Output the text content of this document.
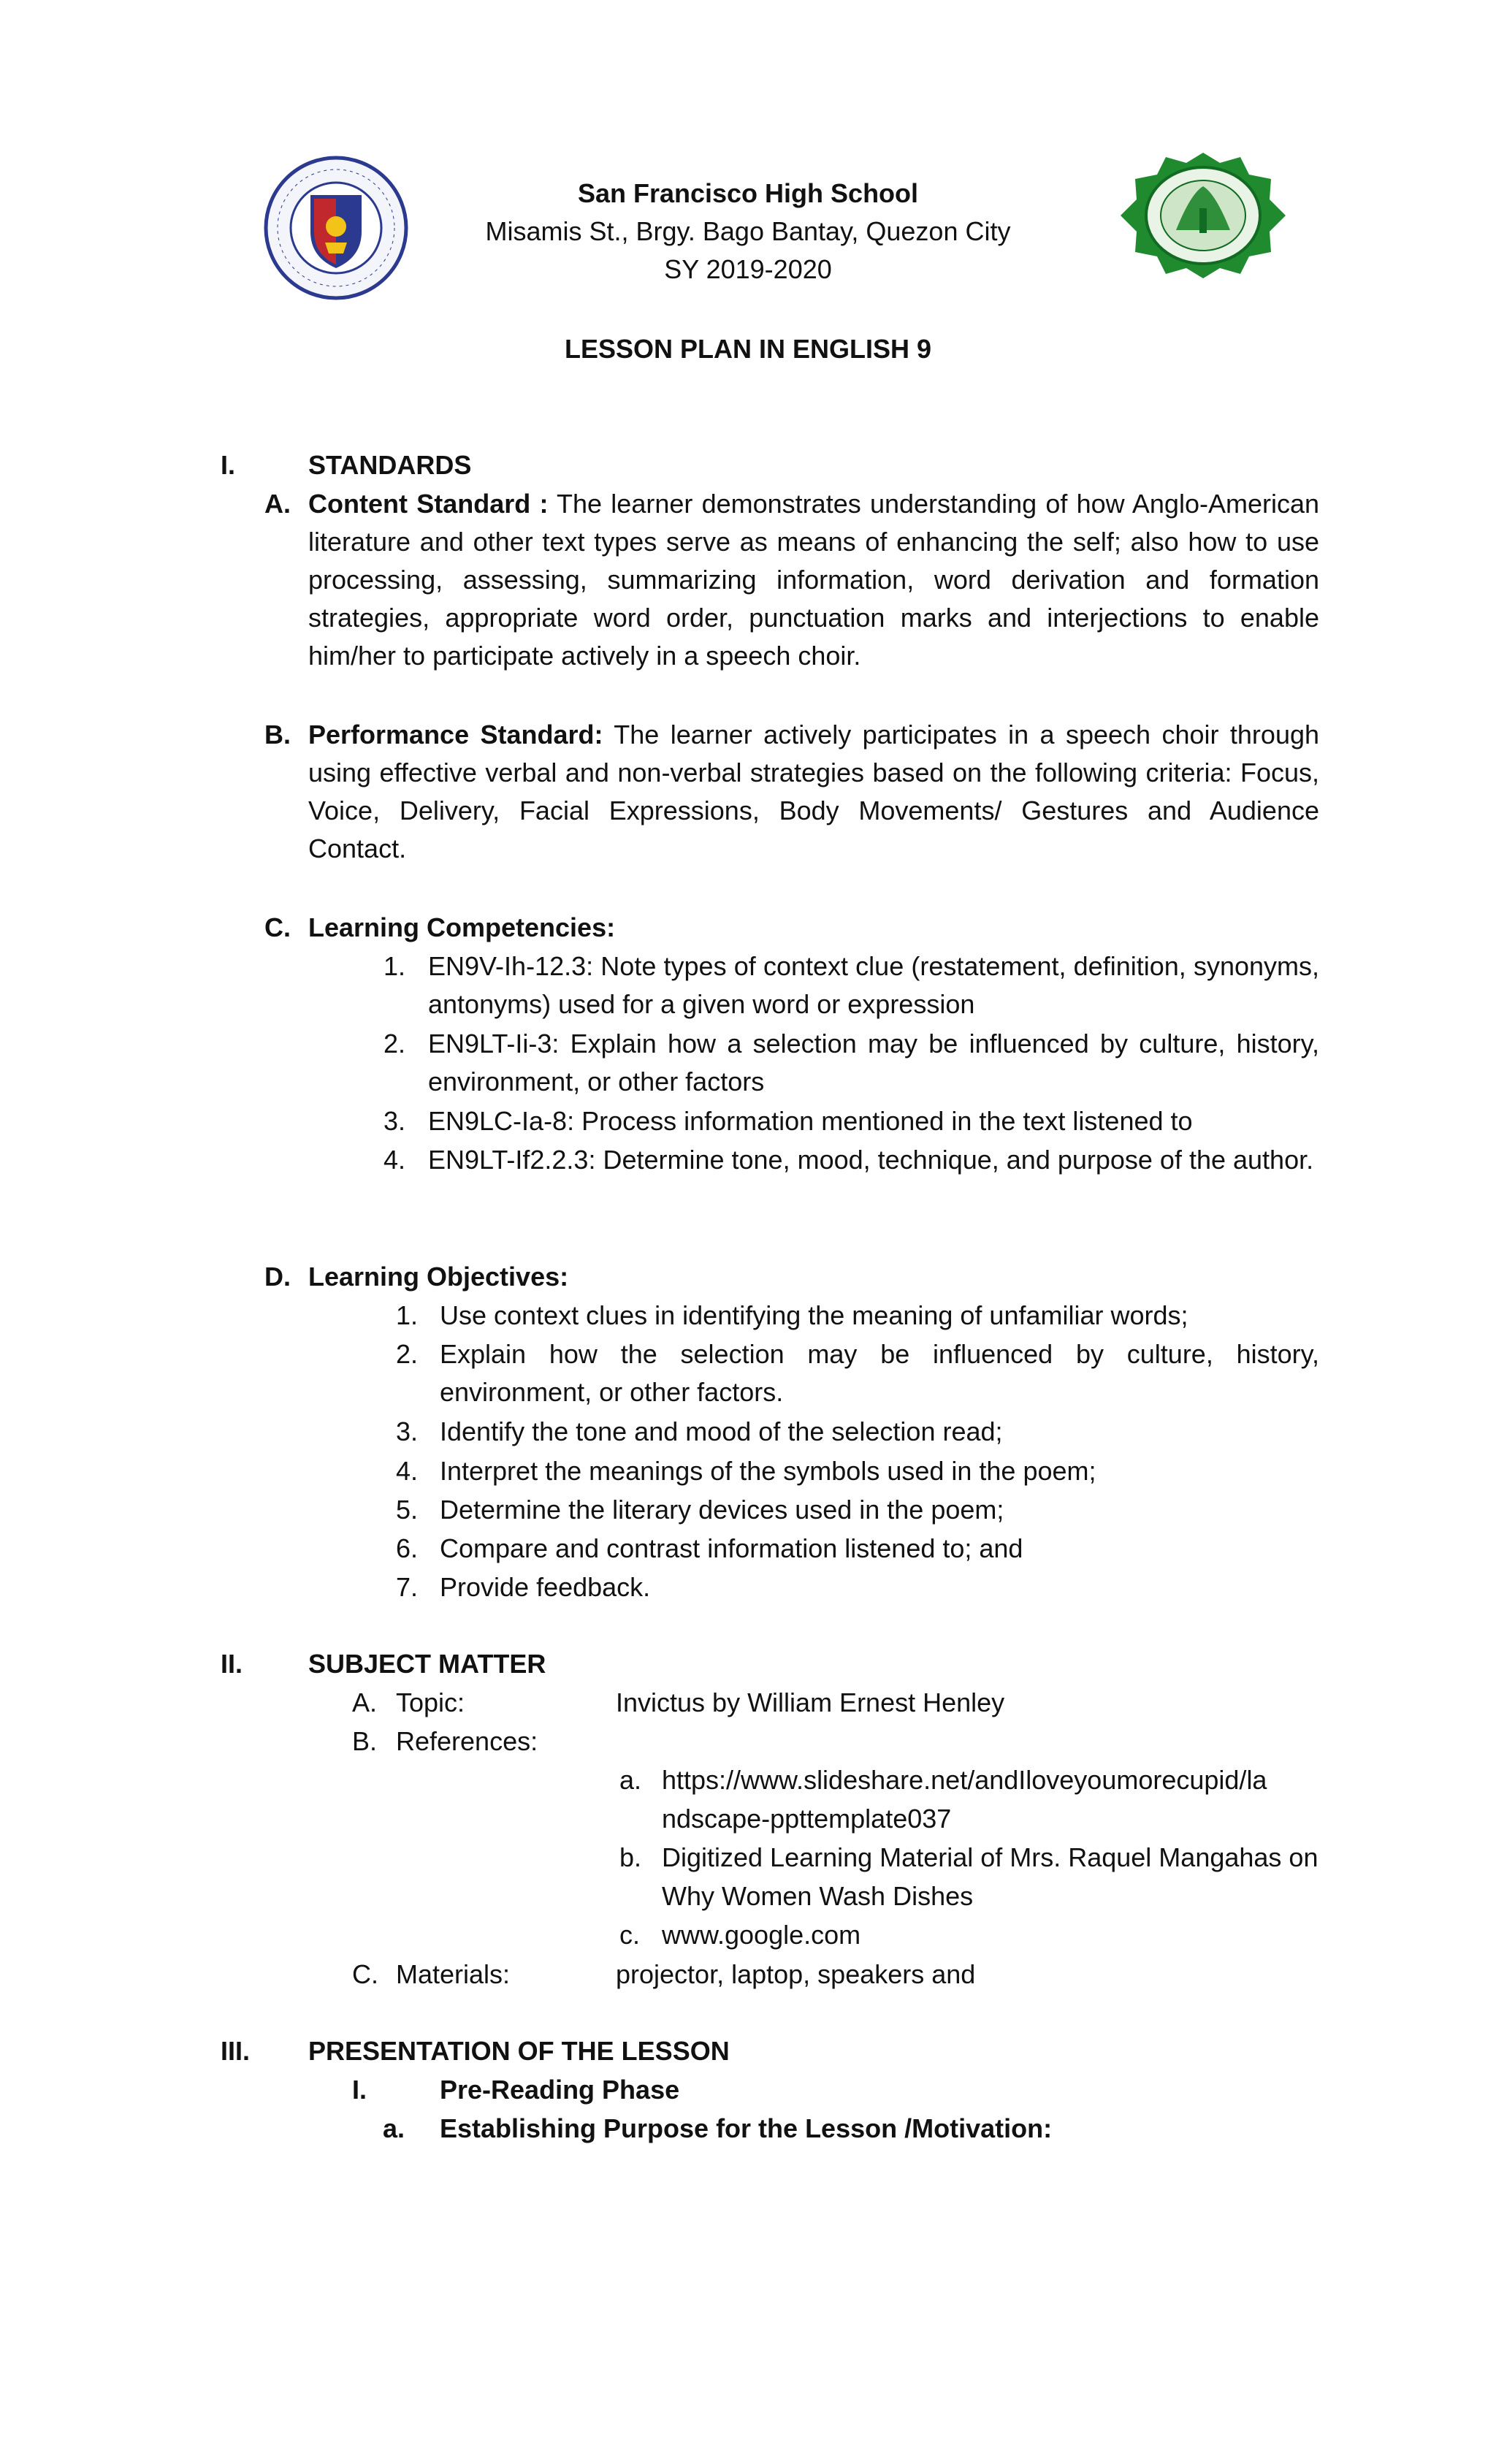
San Francisco High School
Misamis St., Brgy. Bago Bantay, Quezon City
SY 2019-2020
LESSON PLAN IN ENGLISH 9
I.	STANDARDS
A. Content Standard : The learner demonstrates understanding of how Anglo-American literature and other text types serve as means of enhancing the self; also how to use processing, assessing, summarizing information, word derivation and formation strategies, appropriate word order, punctuation marks and interjections to enable him/her to participate actively in a speech choir.
B. Performance Standard: The learner actively participates in a speech choir through using effective verbal and non-verbal strategies based on the following criteria: Focus, Voice, Delivery, Facial Expressions, Body Movements/ Gestures and Audience Contact.
C. Learning Competencies:
1. EN9V-Ih-12.3: Note types of context clue (restatement, definition, synonyms, antonyms) used for a given word or expression
2. EN9LT-Ii-3: Explain how a selection may be influenced by culture, history, environment, or other factors
3. EN9LC-Ia-8: Process information mentioned in the text listened to
4. EN9LT-If2.2.3: Determine tone, mood, technique, and purpose of the author.
D. Learning Objectives:
1. Use context clues in identifying the meaning of unfamiliar words;
2. Explain how the selection may be influenced by culture, history, environment, or other factors.
3. Identify the tone and mood of the selection read;
4. Interpret the meanings of the symbols used in the poem;
5. Determine the literary devices used in the poem;
6. Compare and contrast information listened to; and
7. Provide feedback.
II. SUBJECT MATTER
A. Topic:	Invictus by William Ernest Henley
B. References:
a. https://www.slideshare.net/andIloveyoumorecupid/la
ndscape-ppttemplate037
b. Digitized Learning Material of Mrs. Raquel Mangahas on
Why Women Wash Dishes
c. www.google.com
C. Materials:	projector, laptop, speakers and
III. PRESENTATION OF THE LESSON
I.	Pre-Reading Phase
a. Establishing Purpose for the Lesson /Motivation:
